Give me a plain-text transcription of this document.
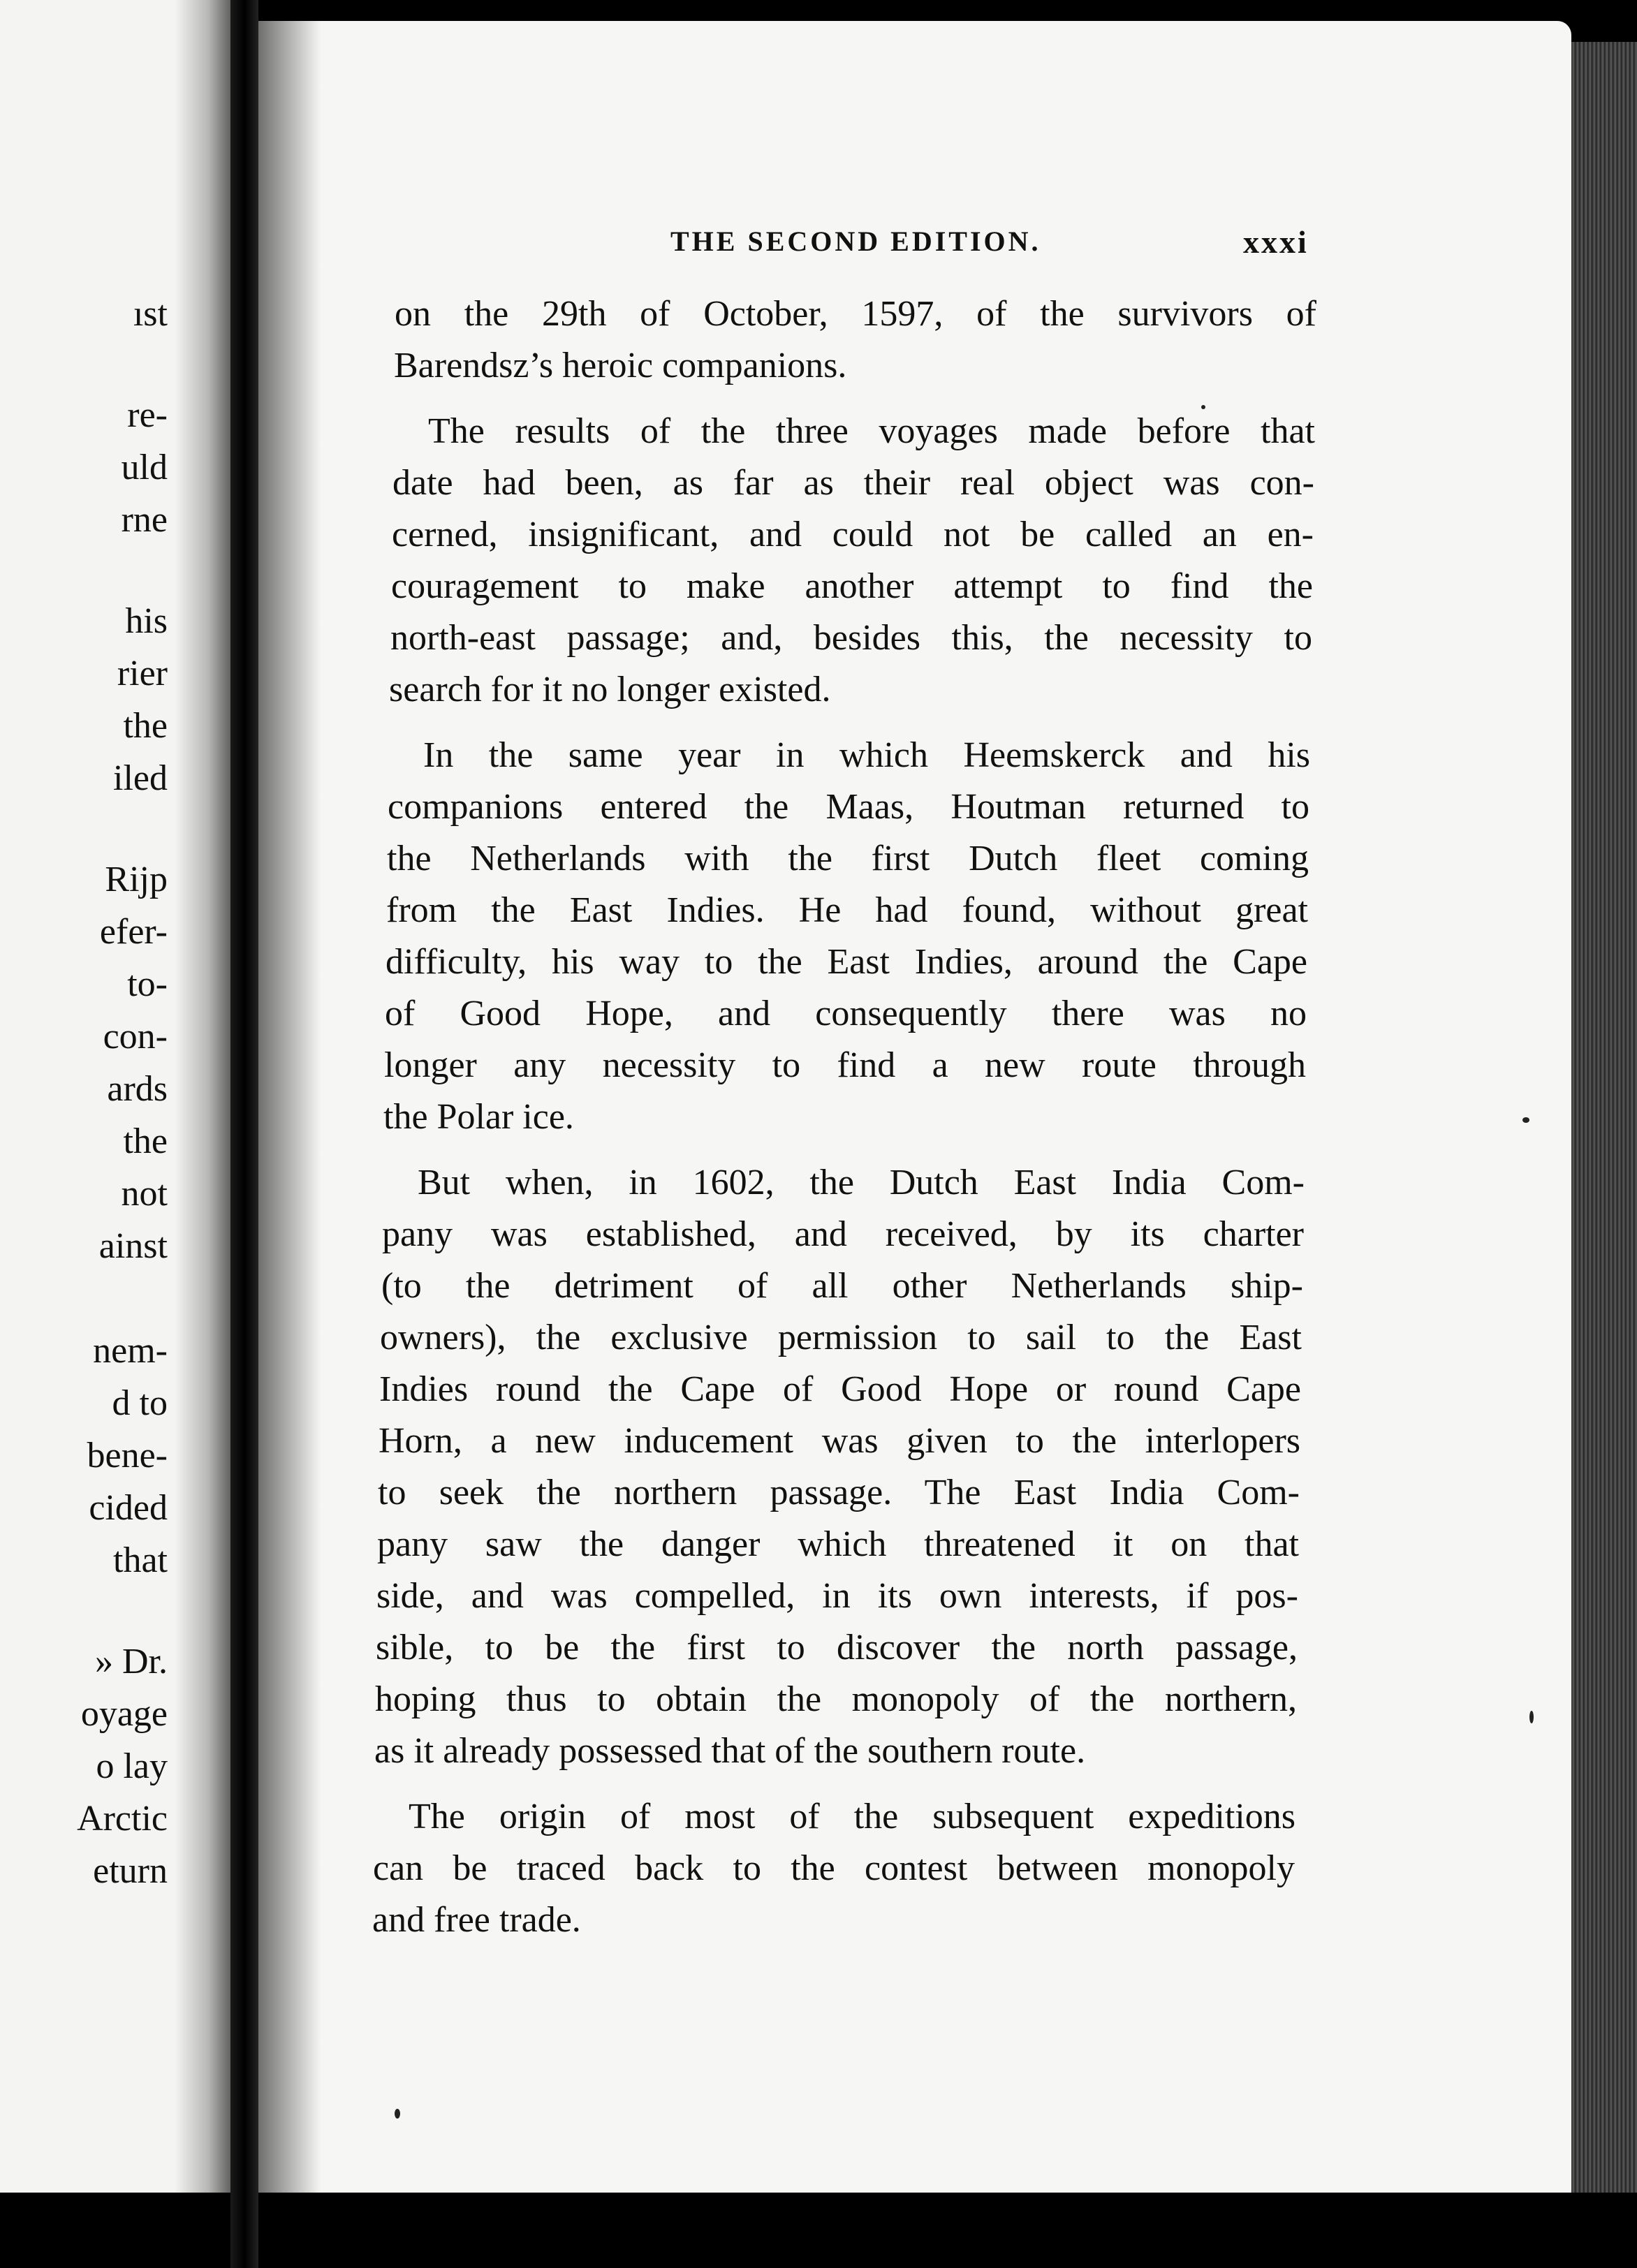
ıst
re-
uld
rne
his
rier
the
iled
Rijp
efer-
to-
con-
ards
the
not
ainst
nem-
d to
bene-
cided
that
» Dr.
oyage
o lay
Arctic
eturn
THE SECOND EDITION.	xxxi
on the 29th of October, 1597, of the survivors of
Barendsz’s heroic companions.
The results of the three voyages made before that
date had been, as far as their real object was con-
cerned, insignificant, and could not be called an en-
couragement to make another attempt to find the
north-east passage; and, besides this, the necessity to
search for it no longer existed.
In the same year in which Heemskerck and his
companions entered the Maas, Houtman returned to
the Netherlands with the first Dutch fleet coming
from the East Indies. He had found, without great
difficulty, his way to the East Indies, around the Cape
of Good Hope, and consequently there was no
longer any necessity to find a new route through
the Polar ice.
But when, in 1602, the Dutch East India Com-
pany was established, and received, by its charter
(to the detriment of all other Netherlands ship-
owners), the exclusive permission to sail to the East
Indies round the Cape of Good Hope or round Cape
Horn, a new inducement was given to the interlopers
to seek the northern passage. The East India Com-
pany saw the danger which threatened it on that
side, and was compelled, in its own interests, if pos-
sible, to be the first to discover the north passage,
hoping thus to obtain the monopoly of the northern,
as it already possessed that of the southern route.
The origin of most of the subsequent expeditions
can be traced back to the contest between monopoly
and free trade.
